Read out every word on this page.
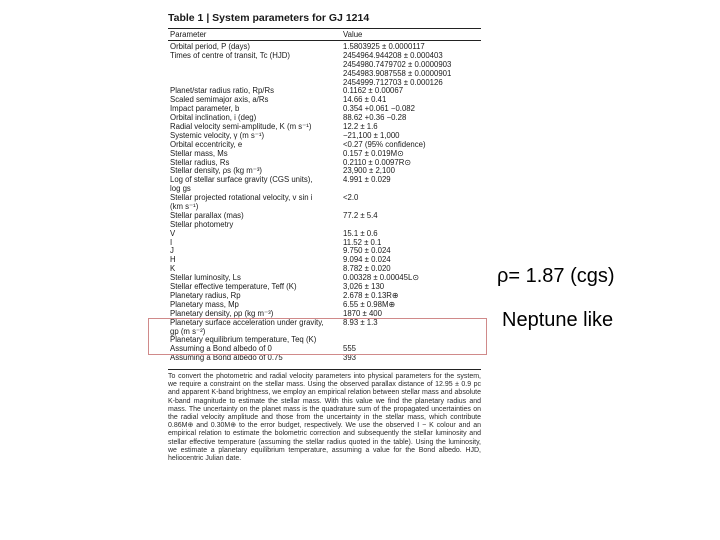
Table 1 | System parameters for GJ 1214
Parameter	Value
Orbital period, P (days)	1.5803925 ± 0.0000117
Times of centre of transit, Tc (HJD)	2454964.944208 ± 0.000403
2454980.7479702 ± 0.0000903
2454983.9087558 ± 0.0000901
2454999.712703 ± 0.000126
Planet/star radius ratio, Rp/Rs	0.1162 ± 0.00067
Scaled semimajor axis, a/Rs	14.66 ± 0.41
Impact parameter, b	0.354 +0.061 −0.082
Orbital inclination, i (deg)	88.62 +0.36 −0.28
Radial velocity semi-amplitude, K (m s⁻¹)	12.2 ± 1.6
Systemic velocity, γ (m s⁻¹)	−21,100 ± 1,000
Orbital eccentricity, e	<0.27 (95% confidence)
Stellar mass, Ms	0.157 ± 0.019M⊙
Stellar radius, Rs	0.2110 ± 0.0097R⊙
Stellar density, ρs (kg m⁻³)	23,900 ± 2,100
Log of stellar surface gravity (CGS units),	4.991 ± 0.029
log gs
Stellar projected rotational velocity, v sin i	<2.0
(km s⁻¹)
Stellar parallax (mas)	77.2 ± 5.4
Stellar photometry
V	15.1 ± 0.6
I	11.52 ± 0.1
J	9.750 ± 0.024
H	9.094 ± 0.024
K	8.782 ± 0.020
Stellar luminosity, Ls	0.00328 ± 0.00045L⊙
Stellar effective temperature, Teff (K)	3,026 ± 130
Planetary radius, Rp	2.678 ± 0.13R⊕
Planetary mass, Mp	6.55 ± 0.98M⊕
Planetary density, ρp (kg m⁻³)	1870 ± 400
Planetary surface acceleration under gravity, 8.93 ± 1.3
gp (m s⁻²)
Planetary equilibrium temperature, Teq (K)
Assuming a Bond albedo of 0	555
Assuming a Bond albedo of 0.75	393
To convert the photometric and radial velocity parameters into physical parameters for the system, we require a constraint on the stellar mass. Using the observed parallax distance of 12.95 ± 0.9 pc and apparent K-band brightness, we employ an empirical relation between stellar mass and absolute K-band magnitude to estimate the stellar mass. With this value we find the planetary radius and mass. The uncertainty on the planet mass is the quadrature sum of the propagated uncertainties on the radial velocity amplitude and those from the uncertainty in the stellar mass, which contribute 0.86M⊕ and 0.30M⊕ to the error budget, respectively. We use the observed I − K colour and an empirical relation to estimate the bolometric correction and subsequently the stellar luminosity and stellar effective temperature (assuming the stellar radius quoted in the table). Using the luminosity, we estimate a planetary equilibrium temperature, assuming a value for the Bond albedo. HJD, heliocentric Julian date.
ρ= 1.87 (cgs)
Neptune like
